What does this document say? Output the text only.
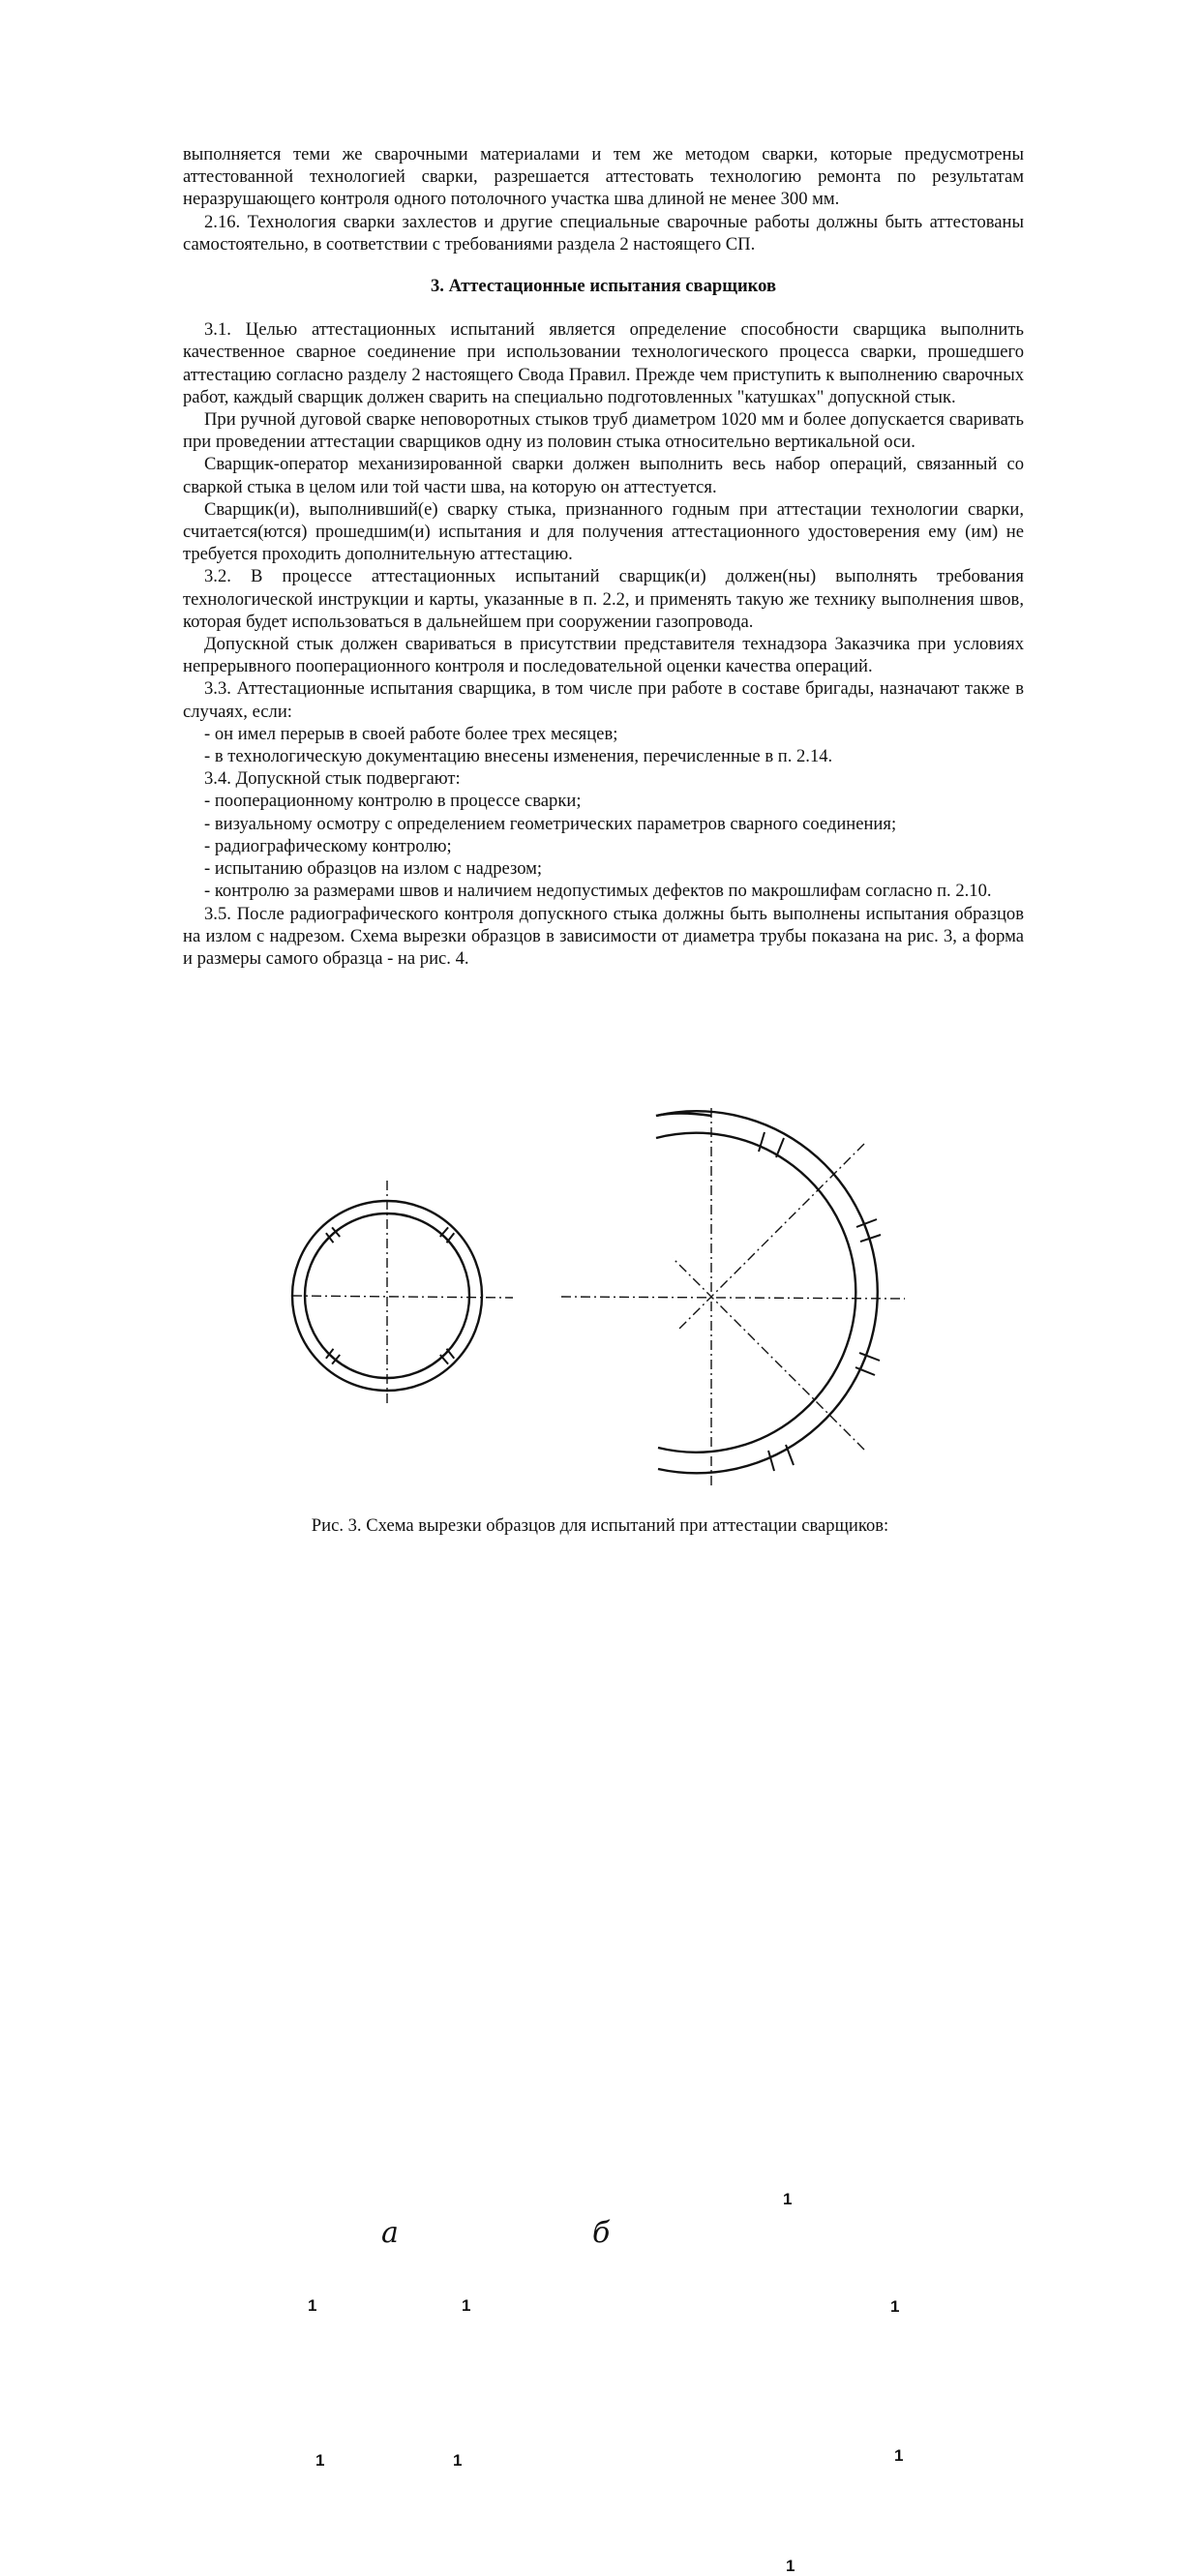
выполняется теми же сварочными материалами и тем же методом сварки, которые предусмотрены аттестованной технологией сварки, разрешается аттестовать технологию ремонта по результатам неразрушающего контроля одного потолочного участка шва длиной не менее 300 мм.

2.16. Технология сварки захлестов и другие специальные сварочные работы должны быть аттестованы самостоятельно, в соответствии с требованиями раздела 2 настоящего СП.

3. Аттестационные испытания сварщиков

3.1. Целью аттестационных испытаний является определение способности сварщика выполнить качественное сварное соединение при использовании технологического процесса сварки, прошедшего аттестацию согласно разделу 2 настоящего Свода Правил. Прежде чем приступить к выполнению сварочных работ, каждый сварщик должен сварить на специально подготовленных "катушках" допускной стык.

При ручной дуговой сварке неповоротных стыков труб диаметром 1020 мм и более допускается сваривать при проведении аттестации сварщиков одну из половин стыка относительно вертикальной оси.

Сварщик-оператор механизированной сварки должен выполнить весь набор операций, связанный со сваркой стыка в целом или той части шва, на которую он аттестуется.

Сварщик(и), выполнивший(е) сварку стыка, признанного годным при аттестации технологии сварки, считается(ются) прошедшим(и) испытания и для получения аттестационного удостоверения ему (им) не требуется проходить дополнительную аттестацию.

3.2. В процессе аттестационных испытаний сварщик(и) должен(ны) выполнять требования технологической инструкции и карты, указанные в п. 2.2, и применять такую же технику выполнения швов, которая будет использоваться в дальнейшем при сооружении газопровода.

Допускной стык должен свариваться в присутствии представителя технадзора Заказчика при условиях непрерывного пооперационного контроля и последовательной оценки качества операций.

3.3. Аттестационные испытания сварщика, в том числе при работе в составе бригады, назначают также в случаях, если:

- он имел перерыв в своей работе более трех месяцев;

- в технологическую документацию внесены изменения, перечисленные в п. 2.14.

3.4. Допускной стык подвергают:

- пооперационному контролю в процессе сварки;

- визуальному осмотру с определением геометрических параметров сварного соединения;

- радиографическому контролю;

- испытанию образцов на излом с надрезом;

- контролю за размерами швов и наличием недопустимых дефектов по макрошлифам согласно п. 2.10.

3.5. После радиографического контроля допускного стыка должны быть выполнены испытания образцов на излом с надрезом. Схема вырезки образцов в зависимости от диаметра трубы показана на рис. 3, а форма и размеры самого образца - на рис. 4.

а	б
1	1
1	1
1
1
1
1
Рис. 3. Схема вырезки образцов для испытаний при аттестации сварщиков:
